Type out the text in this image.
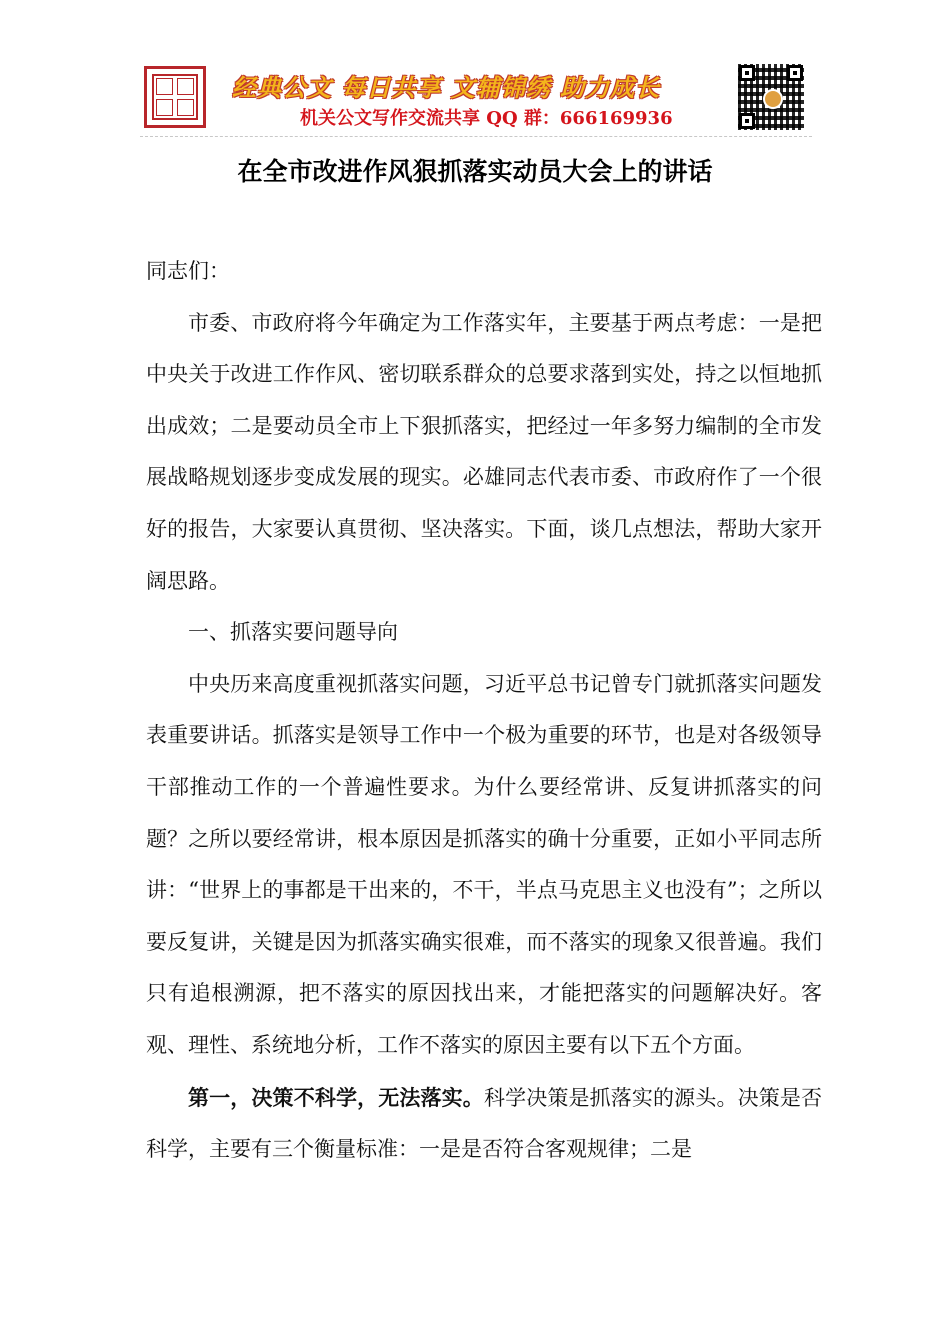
经典公文 每日共享 文辅锦绣 助力成长
机关公文写作交流共享 QQ 群：666169936
在全市改进作风狠抓落实动员大会上的讲话

同志们：

市委、市政府将今年确定为工作落实年，主要基于两点考虑：一是把中央关于改进工作作风、密切联系群众的总要求落到实处，持之以恒地抓出成效；二是要动员全市上下狠抓落实，把经过一年多努力编制的全市发展战略规划逐步变成发展的现实。必雄同志代表市委、市政府作了一个很好的报告，大家要认真贯彻、坚决落实。下面，谈几点想法，帮助大家开阔思路。

一、抓落实要问题导向

中央历来高度重视抓落实问题，习近平总书记曾专门就抓落实问题发表重要讲话。抓落实是领导工作中一个极为重要的环节，也是对各级领导干部推动工作的一个普遍性要求。为什么要经常讲、反复讲抓落实的问题？之所以要经常讲，根本原因是抓落实的确十分重要，正如小平同志所讲：“世界上的事都是干出来的，不干，半点马克思主义也没有”；之所以要反复讲，关键是因为抓落实确实很难，而不落实的现象又很普遍。我们只有追根溯源，把不落实的原因找出来，才能把落实的问题解决好。客观、理性、系统地分析，工作不落实的原因主要有以下五个方面。

第一，决策不科学，无法落实。科学决策是抓落实的源头。决策是否科学，主要有三个衡量标准：一是是否符合客观规律；二是
